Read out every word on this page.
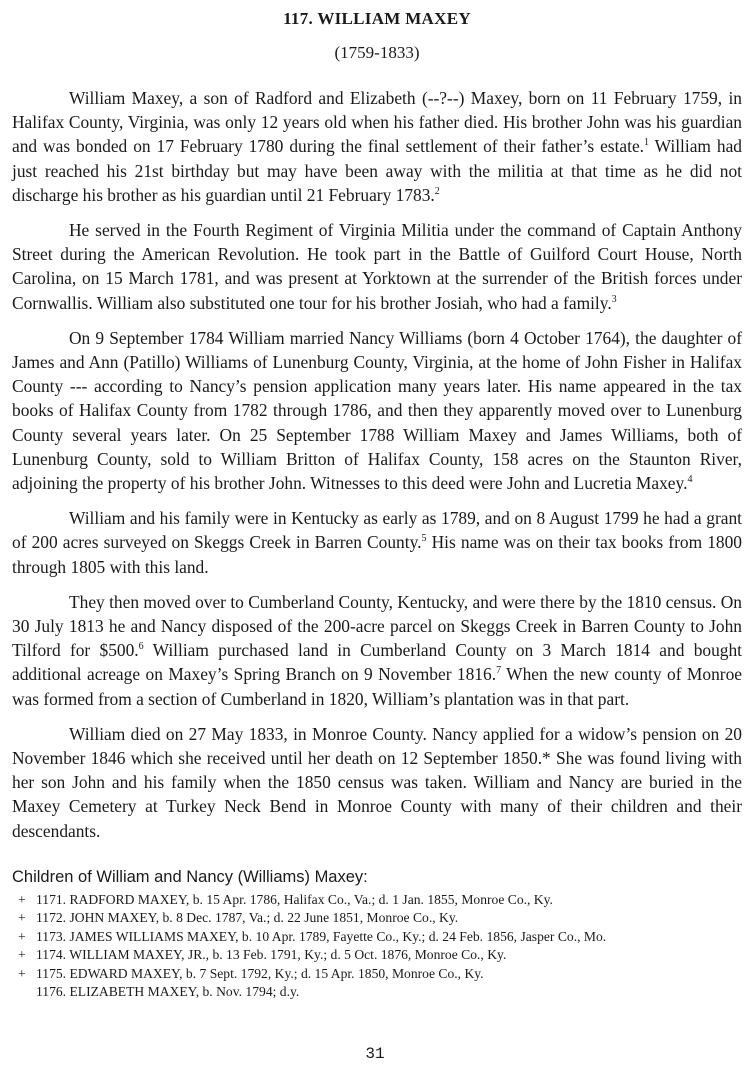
117. WILLIAM MAXEY
(1759-1833)

William Maxey, a son of Radford and Elizabeth (--?--) Maxey, born on 11 February 1759, in Halifax County, Virginia, was only 12 years old when his father died. His brother John was his guardian and was bonded on 17 February 1780 during the final settlement of their father’s estate.$^1$ William had just reached his 21st birthday but may have been away with the militia at that time as he did not discharge his brother as his guardian until 21 February 1783.$^2$

He served in the Fourth Regiment of Virginia Militia under the command of Captain Anthony Street during the American Revolution. He took part in the Battle of Guilford Court House, North Carolina, on 15 March 1781, and was present at Yorktown at the surrender of the British forces under Cornwallis. William also substituted one tour for his brother Josiah, who had a family.$^3$

On 9 September 1784 William married Nancy Williams (born 4 October 1764), the daughter of James and Ann (Patillo) Williams of Lunenburg County, Virginia, at the home of John Fisher in Halifax County --- according to Nancy’s pension application many years later. His name appeared in the tax books of Halifax County from 1782 through 1786, and then they apparently moved over to Lunenburg County several years later. On 25 September 1788 William Maxey and James Williams, both of Lunenburg County, sold to William Britton of Halifax County, 158 acres on the Staunton River, adjoining the property of his brother John. Witnesses to this deed were John and Lucretia Maxey.$^4$

William and his family were in Kentucky as early as 1789, and on 8 August 1799 he had a grant of 200 acres surveyed on Skeggs Creek in Barren County.$^5$ His name was on their tax books from 1800 through 1805 with this land.

They then moved over to Cumberland County, Kentucky, and were there by the 1810 census. On 30 July 1813 he and Nancy disposed of the 200-acre parcel on Skeggs Creek in Barren County to John Tilford for $500.$^6$ William purchased land in Cumberland County on 3 March 1814 and bought additional acreage on Maxey’s Spring Branch on 9 November 1816.$^7$ When the new county of Monroe was formed from a section of Cumberland in 1820, William’s plantation was in that part.

William died on 27 May 1833, in Monroe County. Nancy applied for a widow’s pension on 20 November 1846 which she received until her death on 12 September 1850.* She was found living with her son John and his family when the 1850 census was taken. William and Nancy are buried in the Maxey Cemetery at Turkey Neck Bend in Monroe County with many of their children and their descendants.

Children of William and Nancy (Williams) Maxey:
+ 1171. RADFORD MAXEY, b. 15 Apr. 1786, Halifax Co., Va.; d. 1 Jan. 1855, Monroe Co., Ky.
+ 1172. JOHN MAXEY, b. 8 Dec. 1787, Va.; d. 22 June 1851, Monroe Co., Ky.
+ 1173. JAMES WILLIAMS MAXEY, b. 10 Apr. 1789, Fayette Co., Ky.; d. 24 Feb. 1856, Jasper Co., Mo.
+ 1174. WILLIAM MAXEY, JR., b. 13 Feb. 1791, Ky.; d. 5 Oct. 1876, Monroe Co., Ky.
+ 1175. EDWARD MAXEY, b. 7 Sept. 1792, Ky.; d. 15 Apr. 1850, Monroe Co., Ky.
1176. ELIZABETH MAXEY, b. Nov. 1794; d.y.
31
